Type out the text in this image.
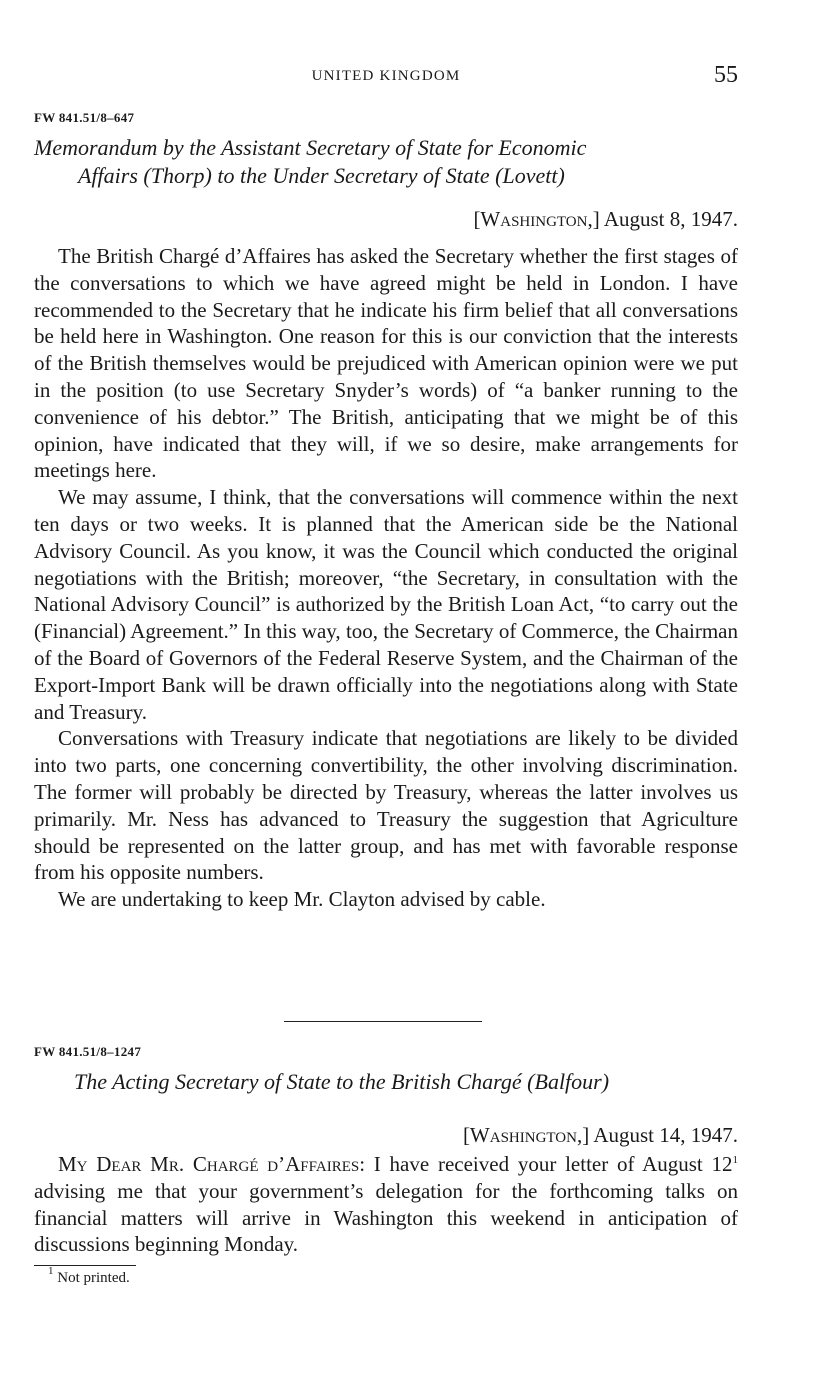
UNITED KINGDOM	55
FW 841.51/8–647
Memorandum by the Assistant Secretary of State for Economic
Affairs (Thorp) to the Under Secretary of State (Lovett)
[Washington,] August 8, 1947.

The British Chargé d’Affaires has asked the Secretary whether the first stages of the conversations to which we have agreed might be held in London. I have recommended to the Secretary that he indicate his firm belief that all conversations be held here in Washington. One reason for this is our conviction that the interests of the British themselves would be prejudiced with American opinion were we put in the position (to use Secretary Snyder’s words) of “a banker running to the convenience of his debtor.” The British, anticipating that we might be of this opinion, have indicated that they will, if we so desire, make arrangements for meetings here.

We may assume, I think, that the conversations will commence within the next ten days or two weeks. It is planned that the American side be the National Advisory Council. As you know, it was the Council which conducted the original negotiations with the British; moreover, “the Secretary, in consultation with the National Advisory Council” is authorized by the British Loan Act, “to carry out the (Financial) Agreement.” In this way, too, the Secretary of Commerce, the Chairman of the Board of Governors of the Federal Reserve System, and the Chairman of the Export-Import Bank will be drawn officially into the negotiations along with State and Treasury.

Conversations with Treasury indicate that negotiations are likely to be divided into two parts, one concerning convertibility, the other involving discrimination. The former will probably be directed by Treasury, whereas the latter involves us primarily. Mr. Ness has advanced to Treasury the suggestion that Agriculture should be represented on the latter group, and has met with favorable response from his opposite numbers.

We are undertaking to keep Mr. Clayton advised by cable.

FW 841.51/8–1247
The Acting Secretary of State to the British Chargé (Balfour)
[Washington,] August 14, 1947.

My Dear Mr. Chargé d’Affaires: I have received your letter of August $12^1$ advising me that your government’s delegation for the forthcoming talks on financial matters will arrive in Washington this weekend in anticipation of discussions beginning Monday.

$^1$ Not printed.
